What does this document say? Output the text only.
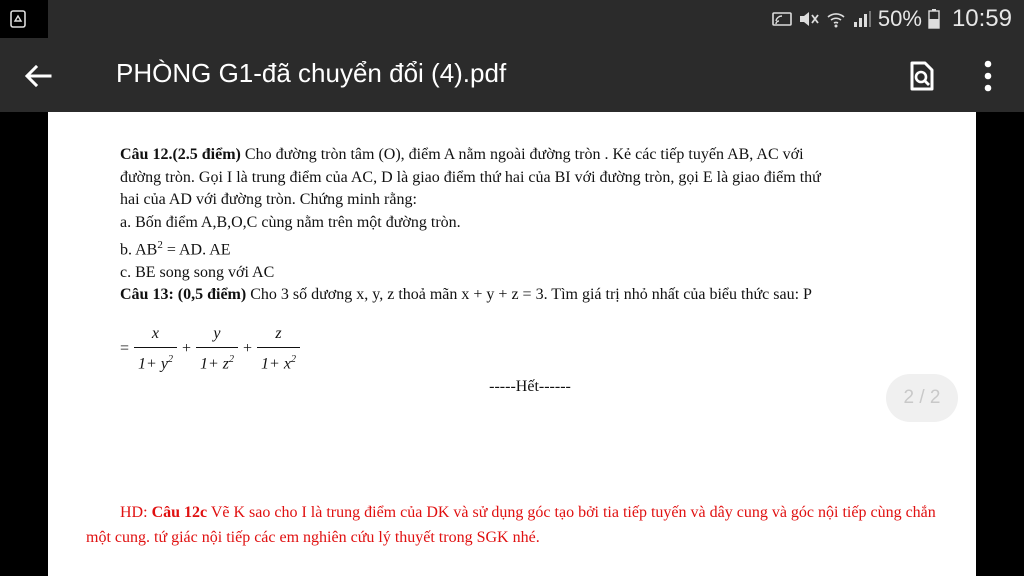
50% 10:59
PHÒNG G1-đã chuyển đổi (4).pdf

Câu 12.(2.5 điểm) Cho đường tròn tâm (O), điểm A nằm ngoài đường tròn . Kẻ các tiếp tuyến AB, AC với

đường tròn. Gọi I là trung điểm của AC, D là giao điểm thứ hai của BI với đường tròn, gọi E là giao điểm thứ

hai của AD với đường tròn. Chứng minh rằng:

a. Bốn điểm A,B,O,C cùng nằm trên một đường tròn.

b. $AB^2$ = AD. AE

c. BE song song với AC

Câu 13: (0,5 điểm) Cho 3 số dương x, y, z thoả mãn x + y + z = 3. Tìm giá trị nhỏ nhất của biểu thức sau: P

= $\frac{x}{1+ y^2} + \frac{y}{1+ z^2} + \frac{z}{1+ x^2}$

-----Hết------

HD: Câu 12c Vẽ K sao cho I là trung điểm của DK và sử dụng góc tạo bởi tia tiếp tuyến và dây cung và góc nội tiếp cùng chắn một cung. tứ giác nội tiếp các em nghiên cứu lý thuyết trong SGK nhé.

2 / 2
